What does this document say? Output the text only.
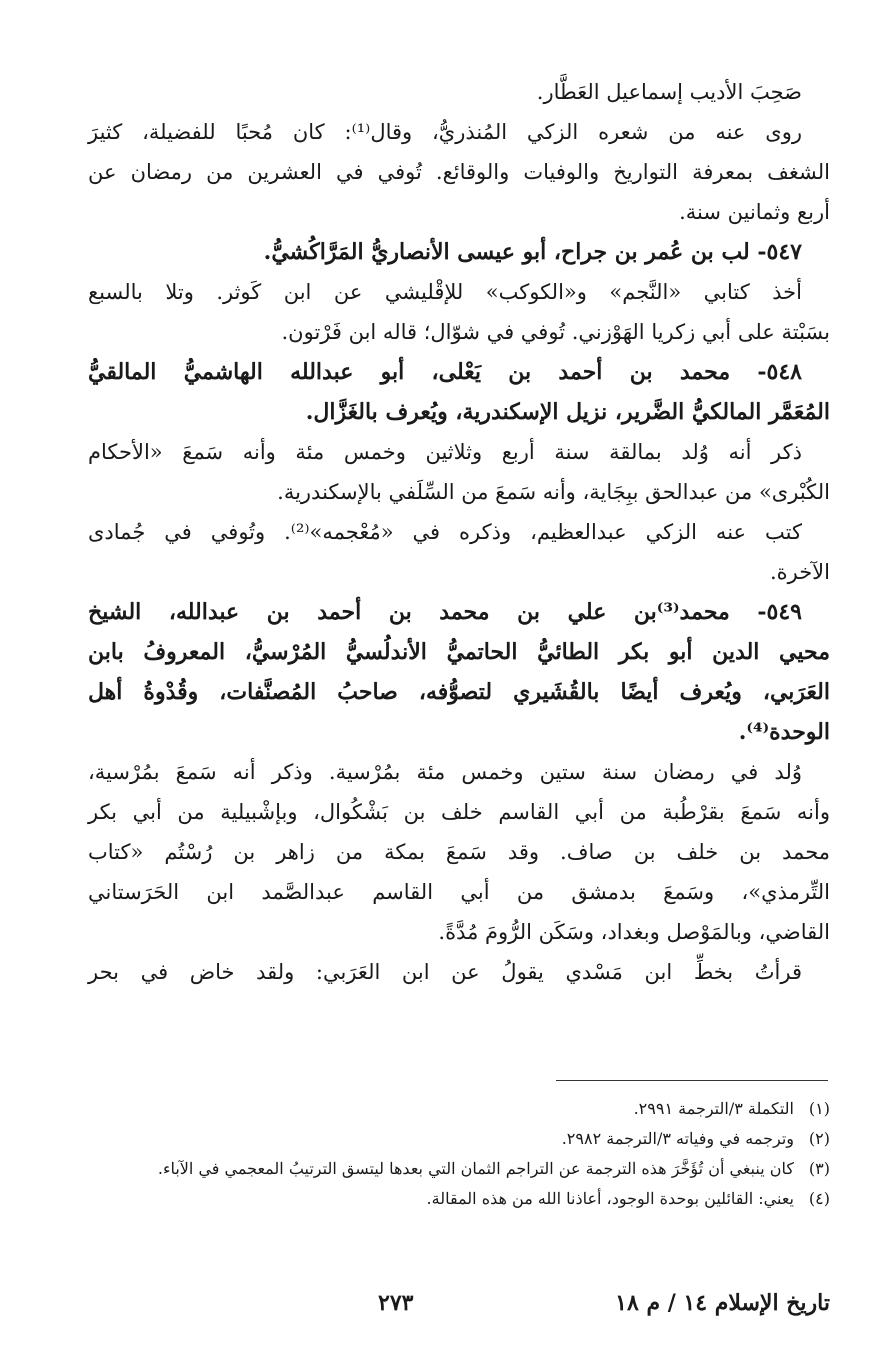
صَحِبَ الأديب إسماعيل العَطَّار.
روى عنه من شعره الزكي المُنذريُّ، وقال⁽¹⁾: كان مُحبًا للفضيلة، كثيرَ
الشغف بمعرفة التواريخ والوفيات والوقائع. تُوفي في العشرين من رمضان عن
أربع وثمانين سنة.
٥٤٧- لب بن عُمر بن جراح، أبو عيسى الأنصاريُّ المَرَّاكُشيُّ.
أخذ كتابي «النَّجم» و«الكوكب» للإقْليشي عن ابن كَوثر. وتلا بالسبع
بسَبْتة على أبي زكريا الهَوْزني. تُوفي في شوّال؛ قاله ابن فَرْتون.
٥٤٨- محمد بن أحمد بن يَعْلى، أبو عبدالله الهاشميُّ المالقيُّ
المُعَمَّر المالكيُّ الضَّرير، نزيل الإسكندرية، ويُعرف بالغَزَّال.
ذكر أنه وُلد بمالقة سنة أربع وثلاثين وخمس مئة وأنه سَمعَ «الأحكام
الكُبْرى» من عبدالحق ببِجَاية، وأنه سَمعَ من السِّلَفي بالإسكندرية.
كتب عنه الزكي عبدالعظيم، وذكره في «مُعْجمه»⁽²⁾. وتُوفي في جُمادى
الآخرة.
٥٤٩- محمد⁽³⁾بن علي بن محمد بن أحمد بن عبدالله، الشيخ
محيي الدين أبو بكر الطائيُّ الحاتميُّ الأندلُسيُّ المُرْسيُّ، المعروفُ بابن
العَرَبي، ويُعرف أيضًا بالقُشَيري لتصوُّفه، صاحبُ المُصنَّفات، وقُدْوةُ أهل
الوحدة⁽⁴⁾.
وُلد في رمضان سنة ستين وخمس مئة بمُرْسية. وذكر أنه سَمعَ بمُرْسية،
وأنه سَمعَ بقرْطُبة من أبي القاسم خلف بن بَشْكُوال، وبإشْبيلية من أبي بكر
محمد بن خلف بن صاف. وقد سَمعَ بمكة من زاهر بن رُسْتُم «كتاب
التِّرمذي»، وسَمعَ بدمشق من أبي القاسم عبدالصَّمد ابن الحَرَستاني
القاضي، وبالمَوْصل وبغداد، وسَكَن الرُّومَ مُدَّةً.
قرأتُ بخطِّ ابن مَسْدي يقولُ عن ابن العَرَبي: ولقد خاض في بحر
(١)
التكملة ٣/الترجمة ٢٩٩١.
(٢)
وترجمه في وفياته ٣/الترجمة ٢٩٨٢.
(٣)
كان ينبغي أن تُؤَخَّرَ هذه الترجمة عن التراجم الثمان التي بعدها ليتسق الترتيبُ المعجمي في الآباء.
(٤)
يعني: القائلين بوحدة الوجود، أعاذنا الله من هذه المقالة.
تاريخ الإسلام ١٤ / م ١٨
٢٧٣
